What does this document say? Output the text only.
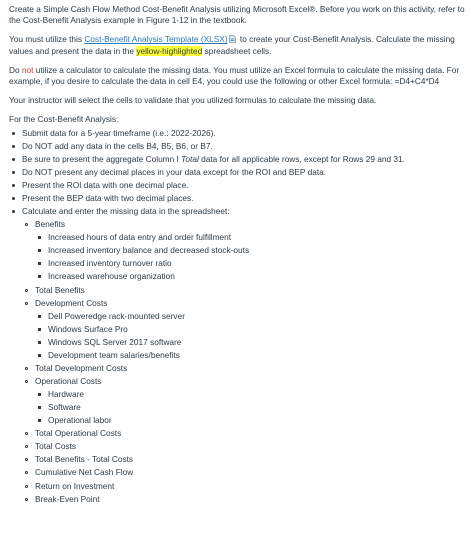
Create a Simple Cash Flow Method Cost-Benefit Analysis utilizing Microsoft Excel®. Before you work on this activity, refer to the Cost-Benefit Analysis example in Figure 1-12 in the textbook.

You must utilize this Cost-Benefit Analysis Template (XLSX) to create your Cost-Benefit Analysis. Calculate the missing values and present the data in the yellow-highlighted spreadsheet cells.

Do not utilize a calculator to calculate the missing data. You must utilize an Excel formula to calculate the missing data. For example, if you desire to calculate the data in cell E4, you could use the following or other Excel formula: =D4+C4*D4

Your instructor will select the cells to validate that you utilized formulas to calculate the missing data.

For the Cost-Benefit Analysis:

Submit data for a 5-year timeframe (i.e.: 2022-2026).
Do NOT add any data in the cells B4, B5, B6, or B7.
Be sure to present the aggregate Column I Total data for all applicable rows, except for Rows 29 and 31.
Do NOT present any decimal places in your data except for the ROI and BEP data.
Present the ROI data with one decimal place.
Present the BEP data with two decimal places.
Calculate and enter the missing data in the spreadsheet:
Benefits
Increased hours of data entry and order fulfillment
Increased inventory balance and decreased stock-outs
Increased inventory turnover ratio
Increased warehouse organization
Total Benefits
Development Costs
Dell Poweredge rack-mounted server
Windows Surface Pro
Windows SQL Server 2017 software
Development team salaries/benefits
Total Development Costs
Operational Costs
Hardware
Software
Operational labor
Total Operational Costs
Total Costs
Total Benefits - Total Costs
Cumulative Net Cash Flow
Return on Investment
Break-Even Point
